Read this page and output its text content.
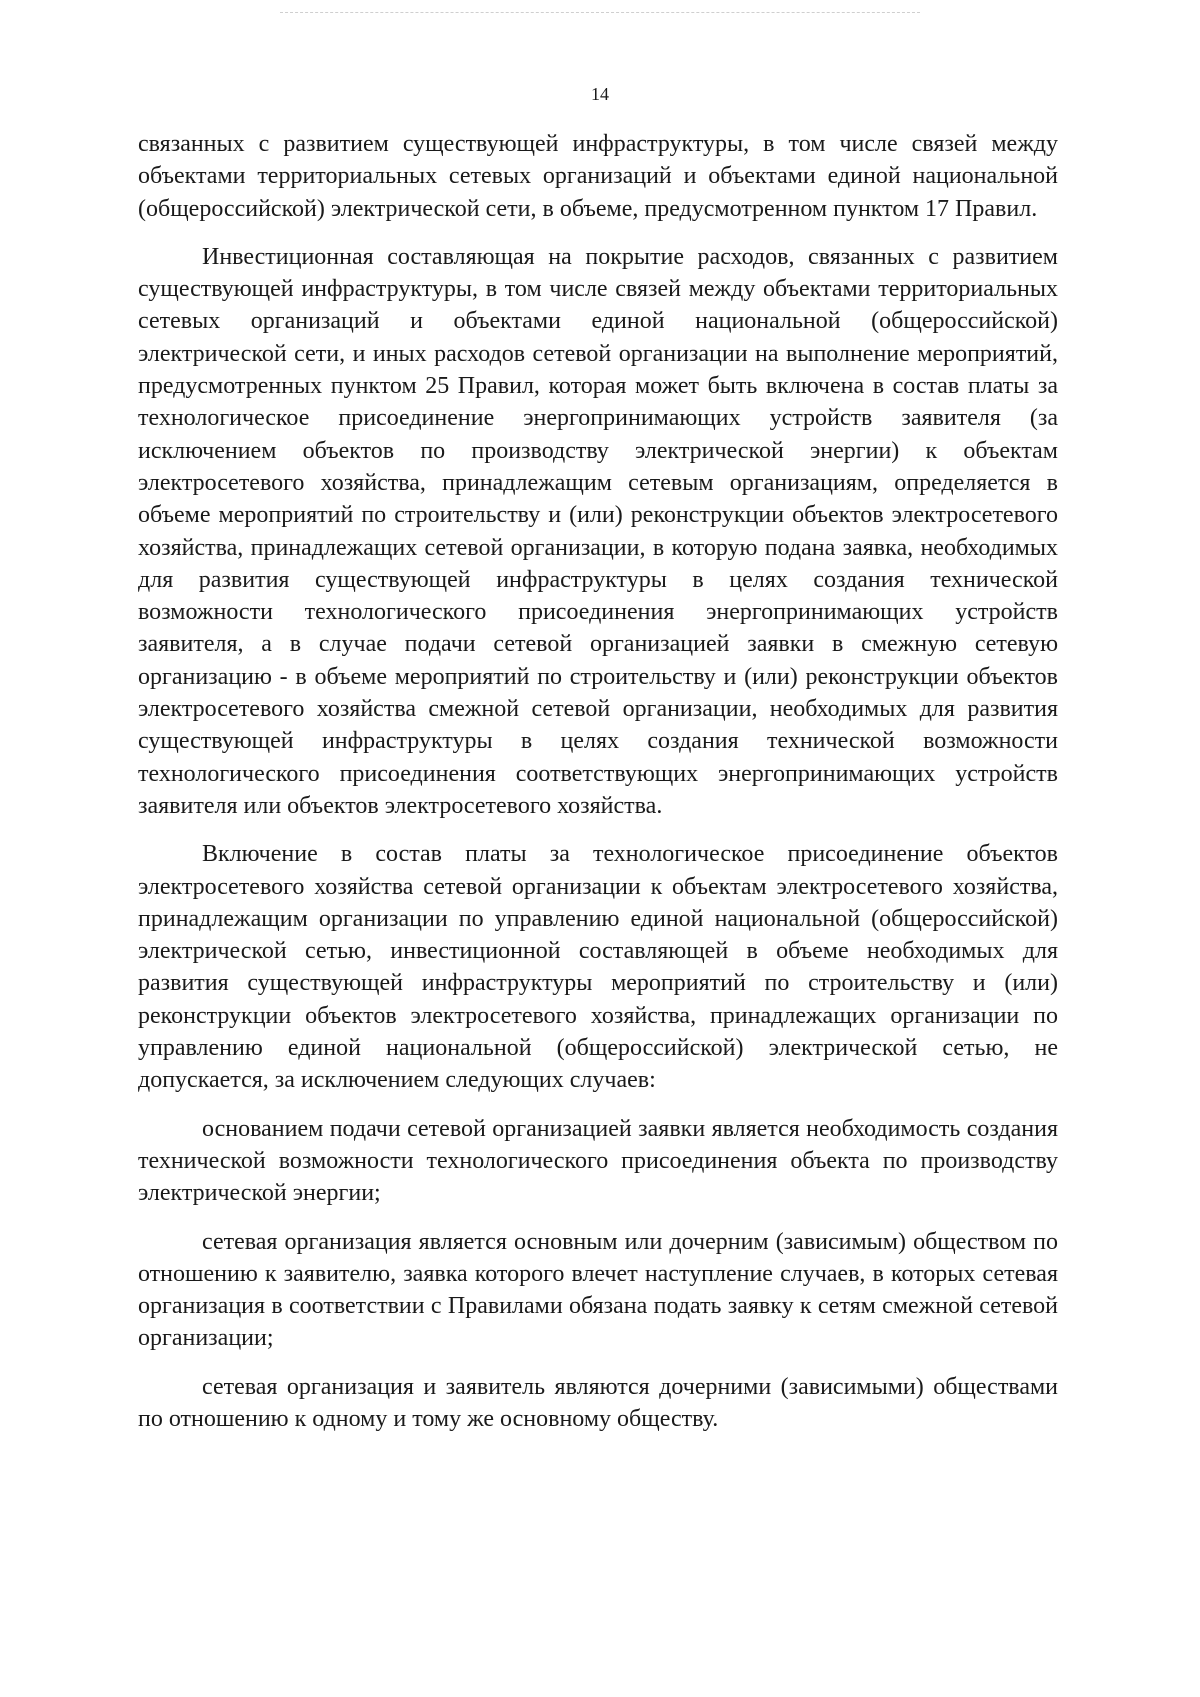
14

связанных с развитием существующей инфраструктуры, в том числе связей между объектами территориальных сетевых организаций и объектами единой национальной (общероссийской) электрической сети, в объеме, предусмотренном пунктом 17 Правил.

Инвестиционная составляющая на покрытие расходов, связанных с развитием существующей инфраструктуры, в том числе связей между объектами территориальных сетевых организаций и объектами единой национальной (общероссийской) электрической сети, и иных расходов сетевой организации на выполнение мероприятий, предусмотренных пунктом 25 Правил, которая может быть включена в состав платы за технологическое присоединение энергопринимающих устройств заявителя (за исключением объектов по производству электрической энергии) к объектам электросетевого хозяйства, принадлежащим сетевым организациям, определяется в объеме мероприятий по строительству и (или) реконструкции объектов электросетевого хозяйства, принадлежащих сетевой организации, в которую подана заявка, необходимых для развития существующей инфраструктуры в целях создания технической возможности технологического присоединения энергопринимающих устройств заявителя, а в случае подачи сетевой организацией заявки в смежную сетевую организацию - в объеме мероприятий по строительству и (или) реконструкции объектов электросетевого хозяйства смежной сетевой организации, необходимых для развития существующей инфраструктуры в целях создания технической возможности технологического присоединения соответствующих энергопринимающих устройств заявителя или объектов электросетевого хозяйства.

Включение в состав платы за технологическое присоединение объектов электросетевого хозяйства сетевой организации к объектам электросетевого хозяйства, принадлежащим организации по управлению единой национальной (общероссийской) электрической сетью, инвестиционной составляющей в объеме необходимых для развития существующей инфраструктуры мероприятий по строительству и (или) реконструкции объектов электросетевого хозяйства, принадлежащих организации по управлению единой национальной (общероссийской) электрической сетью, не допускается, за исключением следующих случаев:

основанием подачи сетевой организацией заявки является необходимость создания технической возможности технологического присоединения объекта по производству электрической энергии;

сетевая организация является основным или дочерним (зависимым) обществом по отношению к заявителю, заявка которого влечет наступление случаев, в которых сетевая организация в соответствии с Правилами обязана подать заявку к сетям смежной сетевой организации;

сетевая организация и заявитель являются дочерними (зависимыми) обществами по отношению к одному и тому же основному обществу.
